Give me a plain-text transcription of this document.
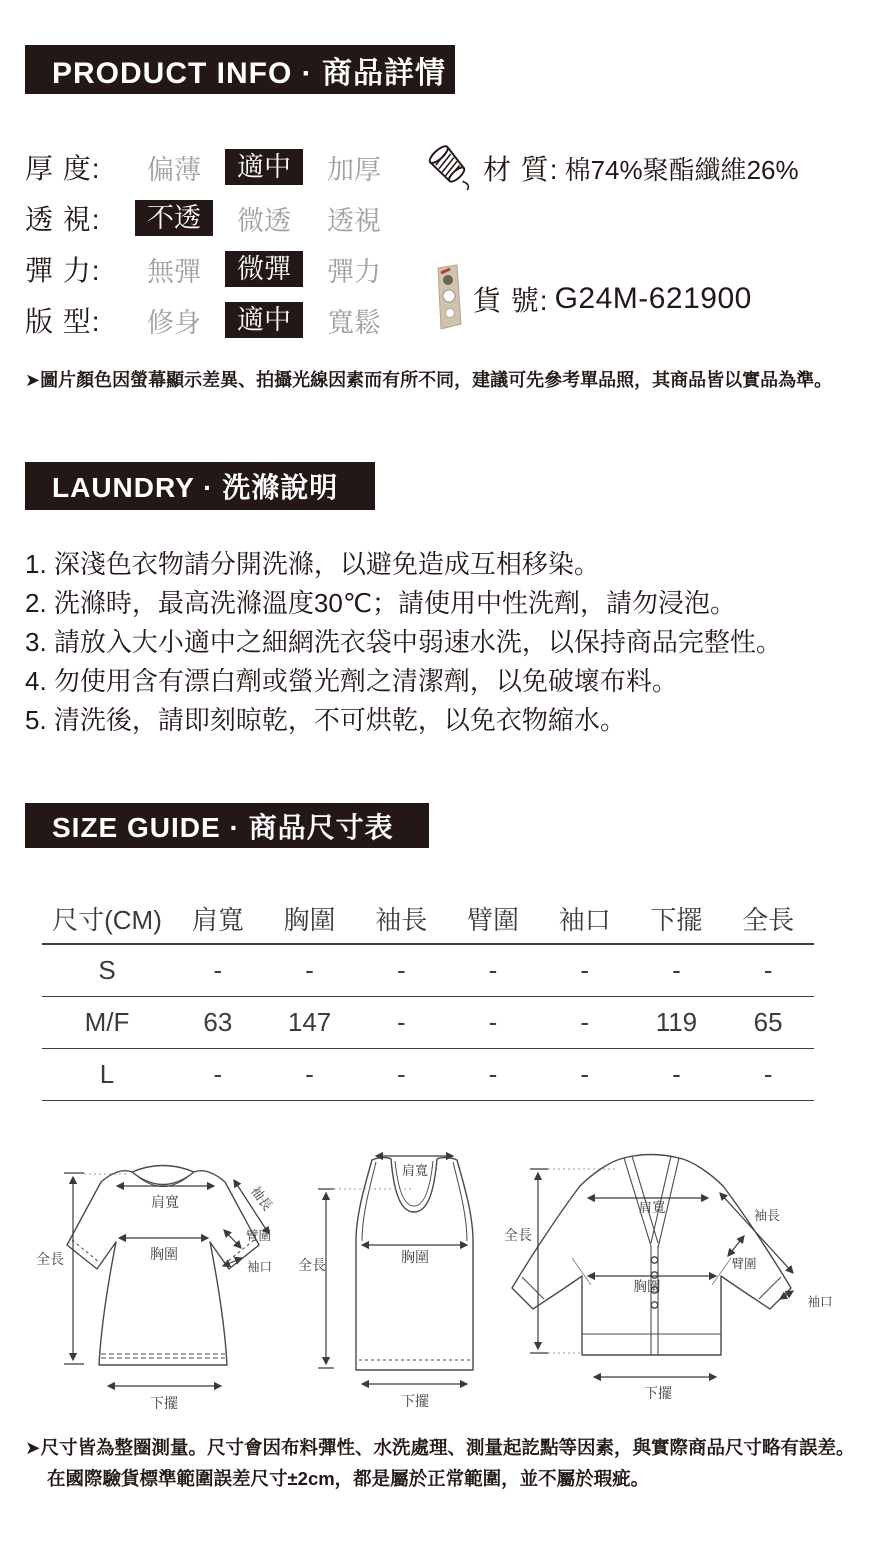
PRODUCT INFO · 商品詳情
厚 度:	偏薄	適中	加厚
透 視:	不透	微透	透視
彈 力:	無彈	微彈	彈力
版 型:	修身	適中	寬鬆
材 質: 棉74%聚酯纖維26%
貨 號: G24M-621900
➤圖片顏色因螢幕顯示差異、拍攝光線因素而有所不同，建議可先參考單品照，其商品皆以實品為準。
LAUNDRY · 洗滌說明
1. 深淺色衣物請分開洗滌，以避免造成互相移染。
2. 洗滌時，最高洗滌溫度30℃；請使用中性洗劑，請勿浸泡。
3. 請放入大小適中之細網洗衣袋中弱速水洗，以保持商品完整性。
4. 勿使用含有漂白劑或螢光劑之清潔劑，以免破壞布料。
5. 清洗後，請即刻晾乾，不可烘乾，以免衣物縮水。
SIZE GUIDE · 商品尺寸表
尺寸(CM)	肩寬	胸圍	袖長	臂圍	袖口	下擺	全長
S	-	-	-	-	-	-	-
M/F	63	147	-	-	-	119	65
L	-	-	-	-	-	-	-
全長
肩寬
胸圍
袖長
臂圍
袖口
下擺
肩寬
全長	胸圍
下擺
全長
肩寬
袖長
臂圍
胸圍
袖口
下擺
➤尺寸皆為整圈測量。尺寸會因布料彈性、水洗處理、測量起訖點等因素，與實際商品尺寸略有誤差。
在國際驗貨標準範圍誤差尺寸±2cm，都是屬於正常範圍，並不屬於瑕疵。
